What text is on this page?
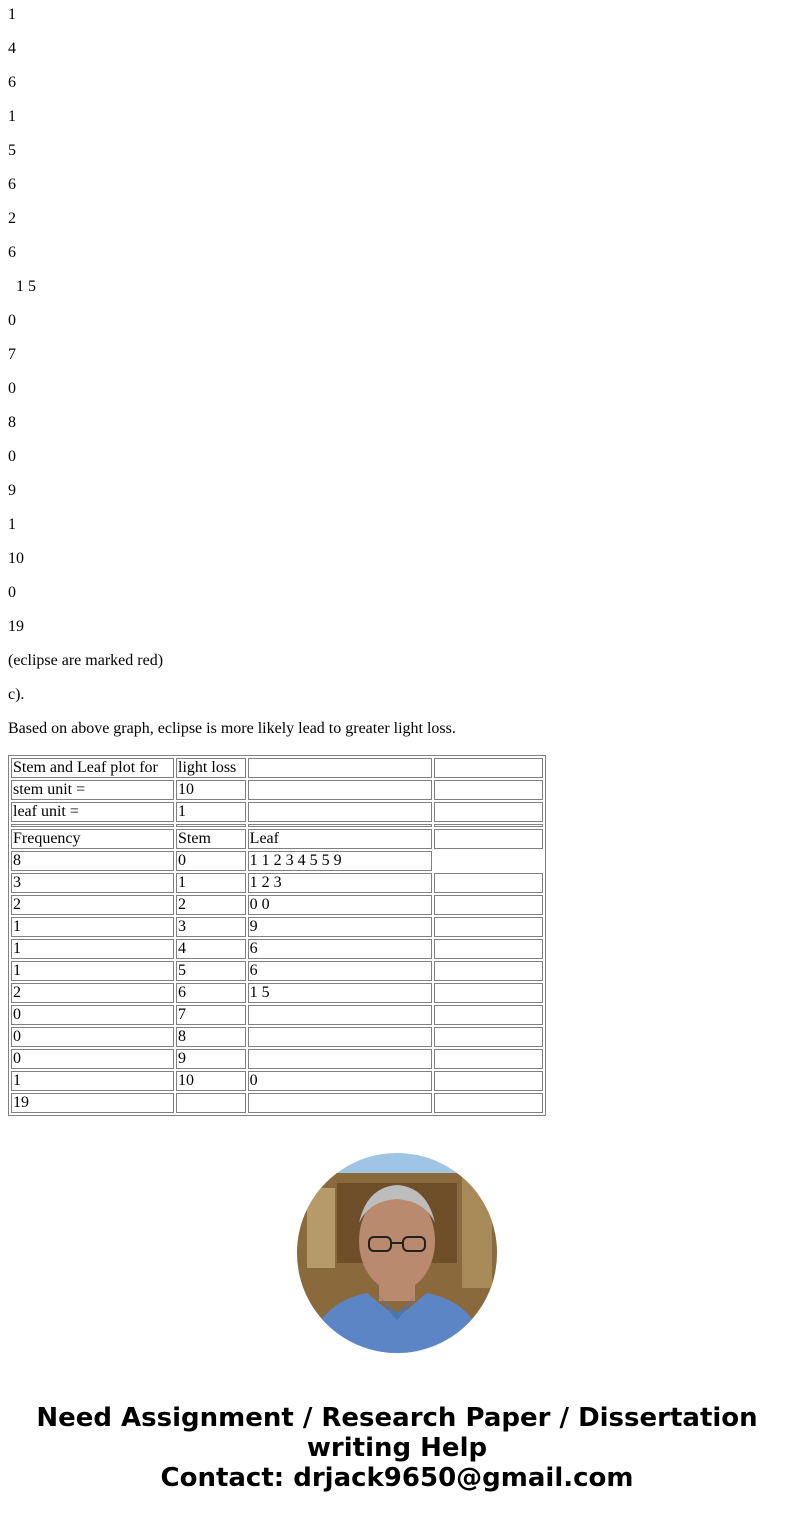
1

4

6

1

5

6

2

6

1 5

0

7

0

8

0

9

1

10

0

19

(eclipse are marked red)

c).

Based on above graph, eclipse is more likely lead to greater light loss.

Stem and Leaf plot for	light loss		
stem unit =	10		
leaf unit =	1		

Frequency	Stem	Leaf	
8	0	1 1 2 3 4 5 5 9	
3	1	1 2 3	
2	2	0 0	
1	3	9	
1	4	6	
1	5	6	
2	6	1 5	
0	7		
0	8		
0	9		
1	10	0	
19			
Need Assignment / Research Paper / Dissertation
writing Help
Contact: drjack9650@gmail.com
